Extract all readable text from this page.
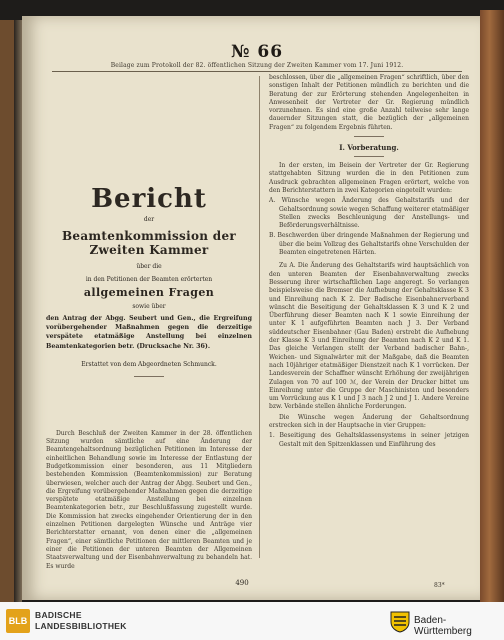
№ 66
Beilage zum Protokoll der 82. öffentlichen Sitzung der Zweiten Kammer vom 17. Juni 1912.
Bericht
der
Beamtenkommission der Zweiten Kammer
über die
in den Petitionen der Beamten erörterten
allgemeinen Fragen
sowie über
den Antrag der Abgg. Seubert und Gen., die Ergreifung vorübergehender Maßnahmen gegen die derzeitige verspätete etatmäßige Anstellung bei einzelnen Beamtenkategorien betr. (Drucksache Nr. 36).
Erstattet von dem Abgeordneten Schmunck.
Durch Beschluß der Zweiten Kammer in der 28. öffentlichen Sitzung wurden sämtliche auf eine Änderung der Beamtengehaltsordnung bezüglichen Petitionen im Interesse der einheitlichen Behandlung sowie im Interesse der Entlastung der Budgetkommission einer besonderen, aus 11 Mitgliedern bestehenden Kommission (Beamtenkommission) zur Beratung überwiesen, welcher auch der Antrag der Abgg. Seubert und Gen., die Ergreifung vorübergehender Maßnahmen gegen die derzeitige verspätete etatmäßige Anstellung bei einzelnen Beamtenkategorien betr., zur Beschlußfassung zugestellt wurde. Die Kommission hat zwecks eingehender Orientierung der in den einzelnen Petitionen dargelegten Wünsche und Anträge vier Berichterstatter ernannt, von denen einer die „allgemeinen Fragen“, einer sämtliche Petitionen der mittleren Beamten und je einer die Petitionen der unteren Beamten der Allgemeinen Staatsverwaltung und der Eisenbahnverwaltung zu behandeln hat. Es wurde
beschlossen, über die „allgemeinen Fragen“ schriftlich, über den sonstigen Inhalt der Petitionen mündlich zu berichten und die Beratung der zur Erörterung stehenden Angelegenheiten in Anwesenheit der Vertreter der Gr. Regierung mündlich vorzunehmen. Es sind eine große Anzahl teilweise sehr lange dauernder Sitzungen statt, die bezüglich der „allgemeinen Fragen“ zu folgendem Ergebnis führten.
I. Vorberatung.
In der ersten, im Beisein der Vertreter der Gr. Regierung stattgehabten Sitzung wurden die in den Petitionen zum Ausdruck gebrachten allgemeinen Fragen erörtert, welche von den Berichterstattern in zwei Kategorien eingeteilt wurden:
A. Wünsche wegen Änderung des Gehaltstarifs und der Gehaltsordnung sowie wegen Schaffung weiterer etatmäßiger Stellen zwecks Beschleunigung der Anstellungs- und Beförderungsverhältnisse.
B. Beschwerden über dringende Maßnahmen der Regierung und über die beim Vollzug des Gehaltstarifs ohne Verschulden der Beamten eingetretenen Härten.
Zu A. Die Änderung des Gehaltstarifs wird hauptsächlich von den unteren Beamten der Eisenbahnverwaltung zwecks Besserung ihrer wirtschaftlichen Lage angeregt. So verlangen beispielsweise die Bremser die Aufhebung der Gehaltsklasse K 3 und Einreihung nach K 2. Der Badische Eisenbahnerverband wünscht die Beseitigung der Gehaltsklassen K 3 und K 2 und Überführung dieser Beamten nach K 1 sowie Einreihung der unter K 1 aufgeführten Beamten nach J 3. Der Verband süddeutscher Eisenbahner (Gau Baden) erstrebt die Aufhebung der Klasse K 3 und Einreihung der Beamten nach K 2 und K 1. Das gleiche Verlangen stellt der Verband badischer Bahn-, Weichen- und Signalwärter mit der Maßgabe, daß die Beamten nach 10jähriger etatmäßiger Dienstzeit nach K 1 vorrücken. Der Landesverein der Schaffner wünscht Erhöhung der zweijährigen Zulagen von 70 auf 100 ℳ, der Verein der Drucker bittet um Einreihung unter die Gruppe der Maschinisten und besonders um Vorrückung aus K 1 und J 3 nach J 2 und J 1. Andere Vereine bzw. Verbände stellen ähnliche Forderungen.
Die Wünsche wegen Änderung der Gehaltsordnung erstrecken sich in der Hauptsache in vier Gruppen:
1. Beseitigung des Gehaltsklassensystems in seiner jetzigen Gestalt mit den Spitzenklassen und Einführung des
490	83*
BLB
BADISCHE
LANDESBIBLIOTHEK	Baden-Württemberg
